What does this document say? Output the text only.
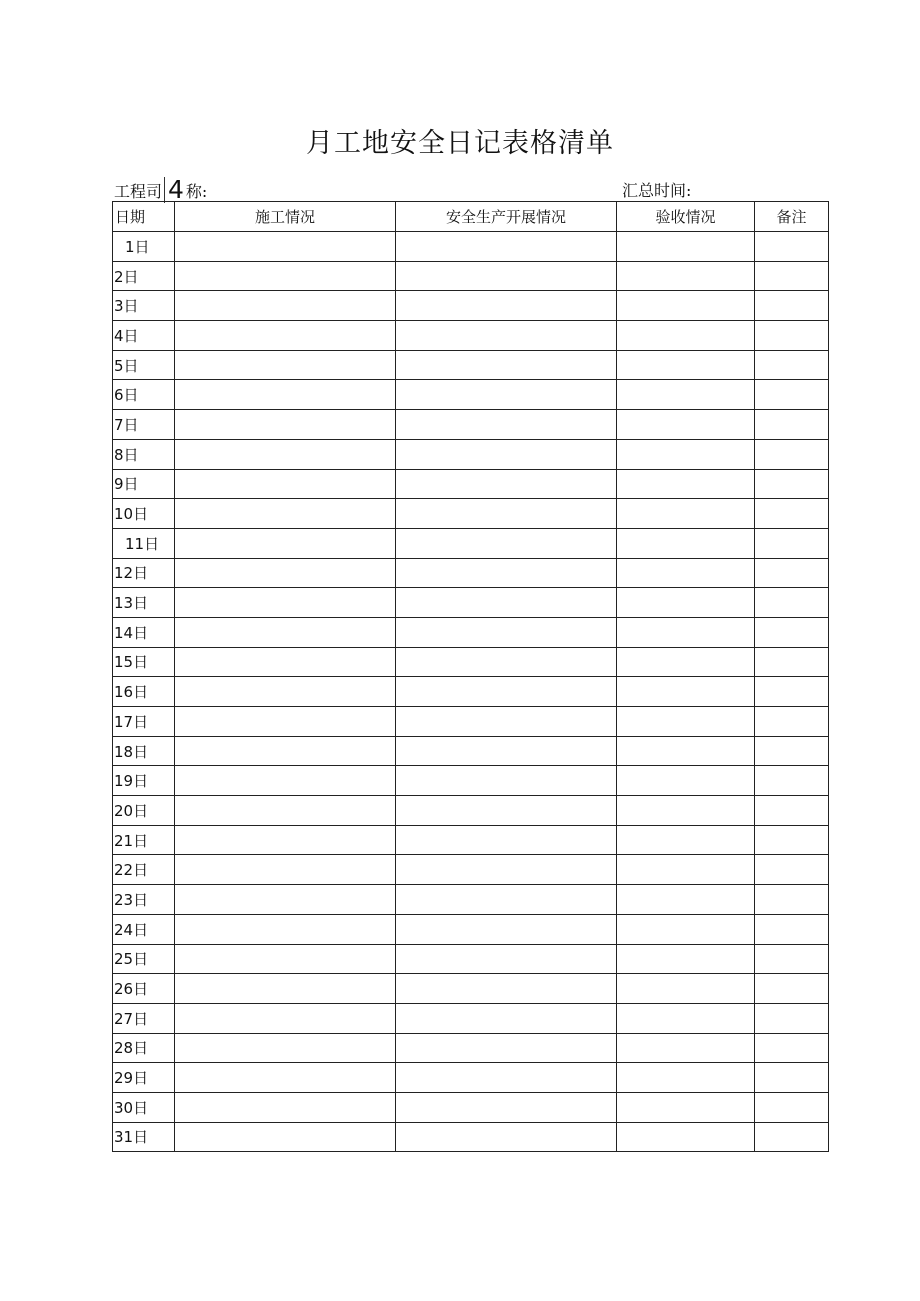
月工地安全日记表格清单
工程司 4 称:	汇总时间:
日期	施工情况	安全生产开展情况	验收情况	备注
1日				
2日				
3日				
4日				
5日				
6日				
7日				
8日				
9日				
10日				
11日				
12日				
13日				
14日				
15日				
16日				
17日				
18日				
19日				
20日				
21日				
22日				
23日				
24日				
25日				
26日				
27日				
28日				
29日				
30日				
31日				
